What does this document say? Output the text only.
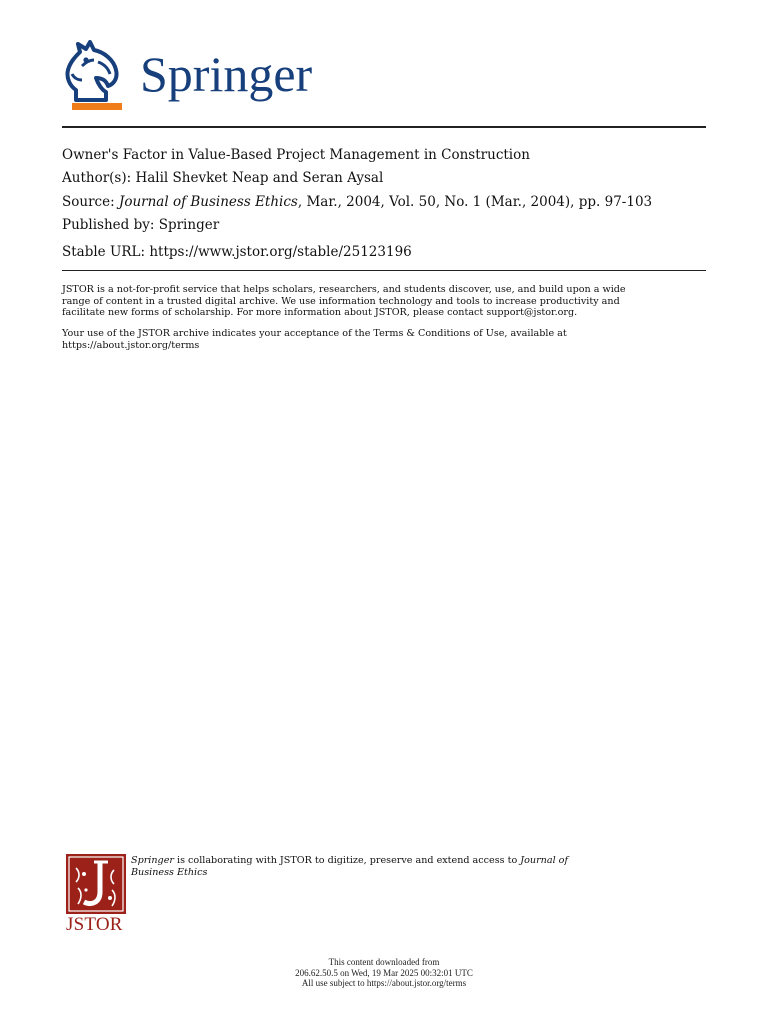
Springer
Owner's Factor in Value-Based Project Management in Construction
Author(s): Halil Shevket Neap and Seran Aysal
Source: Journal of Business Ethics, Mar., 2004, Vol. 50, No. 1 (Mar., 2004), pp. 97-103
Published by: Springer
Stable URL: https://www.jstor.org/stable/25123196
JSTOR is a not-for-profit service that helps scholars, researchers, and students discover, use, and build upon a wide
range of content in a trusted digital archive. We use information technology and tools to increase productivity and
facilitate new forms of scholarship. For more information about JSTOR, please contact support@jstor.org.
Your use of the JSTOR archive indicates your acceptance of the Terms & Conditions of Use, available at
https://about.jstor.org/terms
JSTOR
Springer is collaborating with JSTOR to digitize, preserve and extend access to Journal of
Business Ethics
This content downloaded from
206.62.50.5 on Wed, 19 Mar 2025 00:32:01 UTC
All use subject to https://about.jstor.org/terms
